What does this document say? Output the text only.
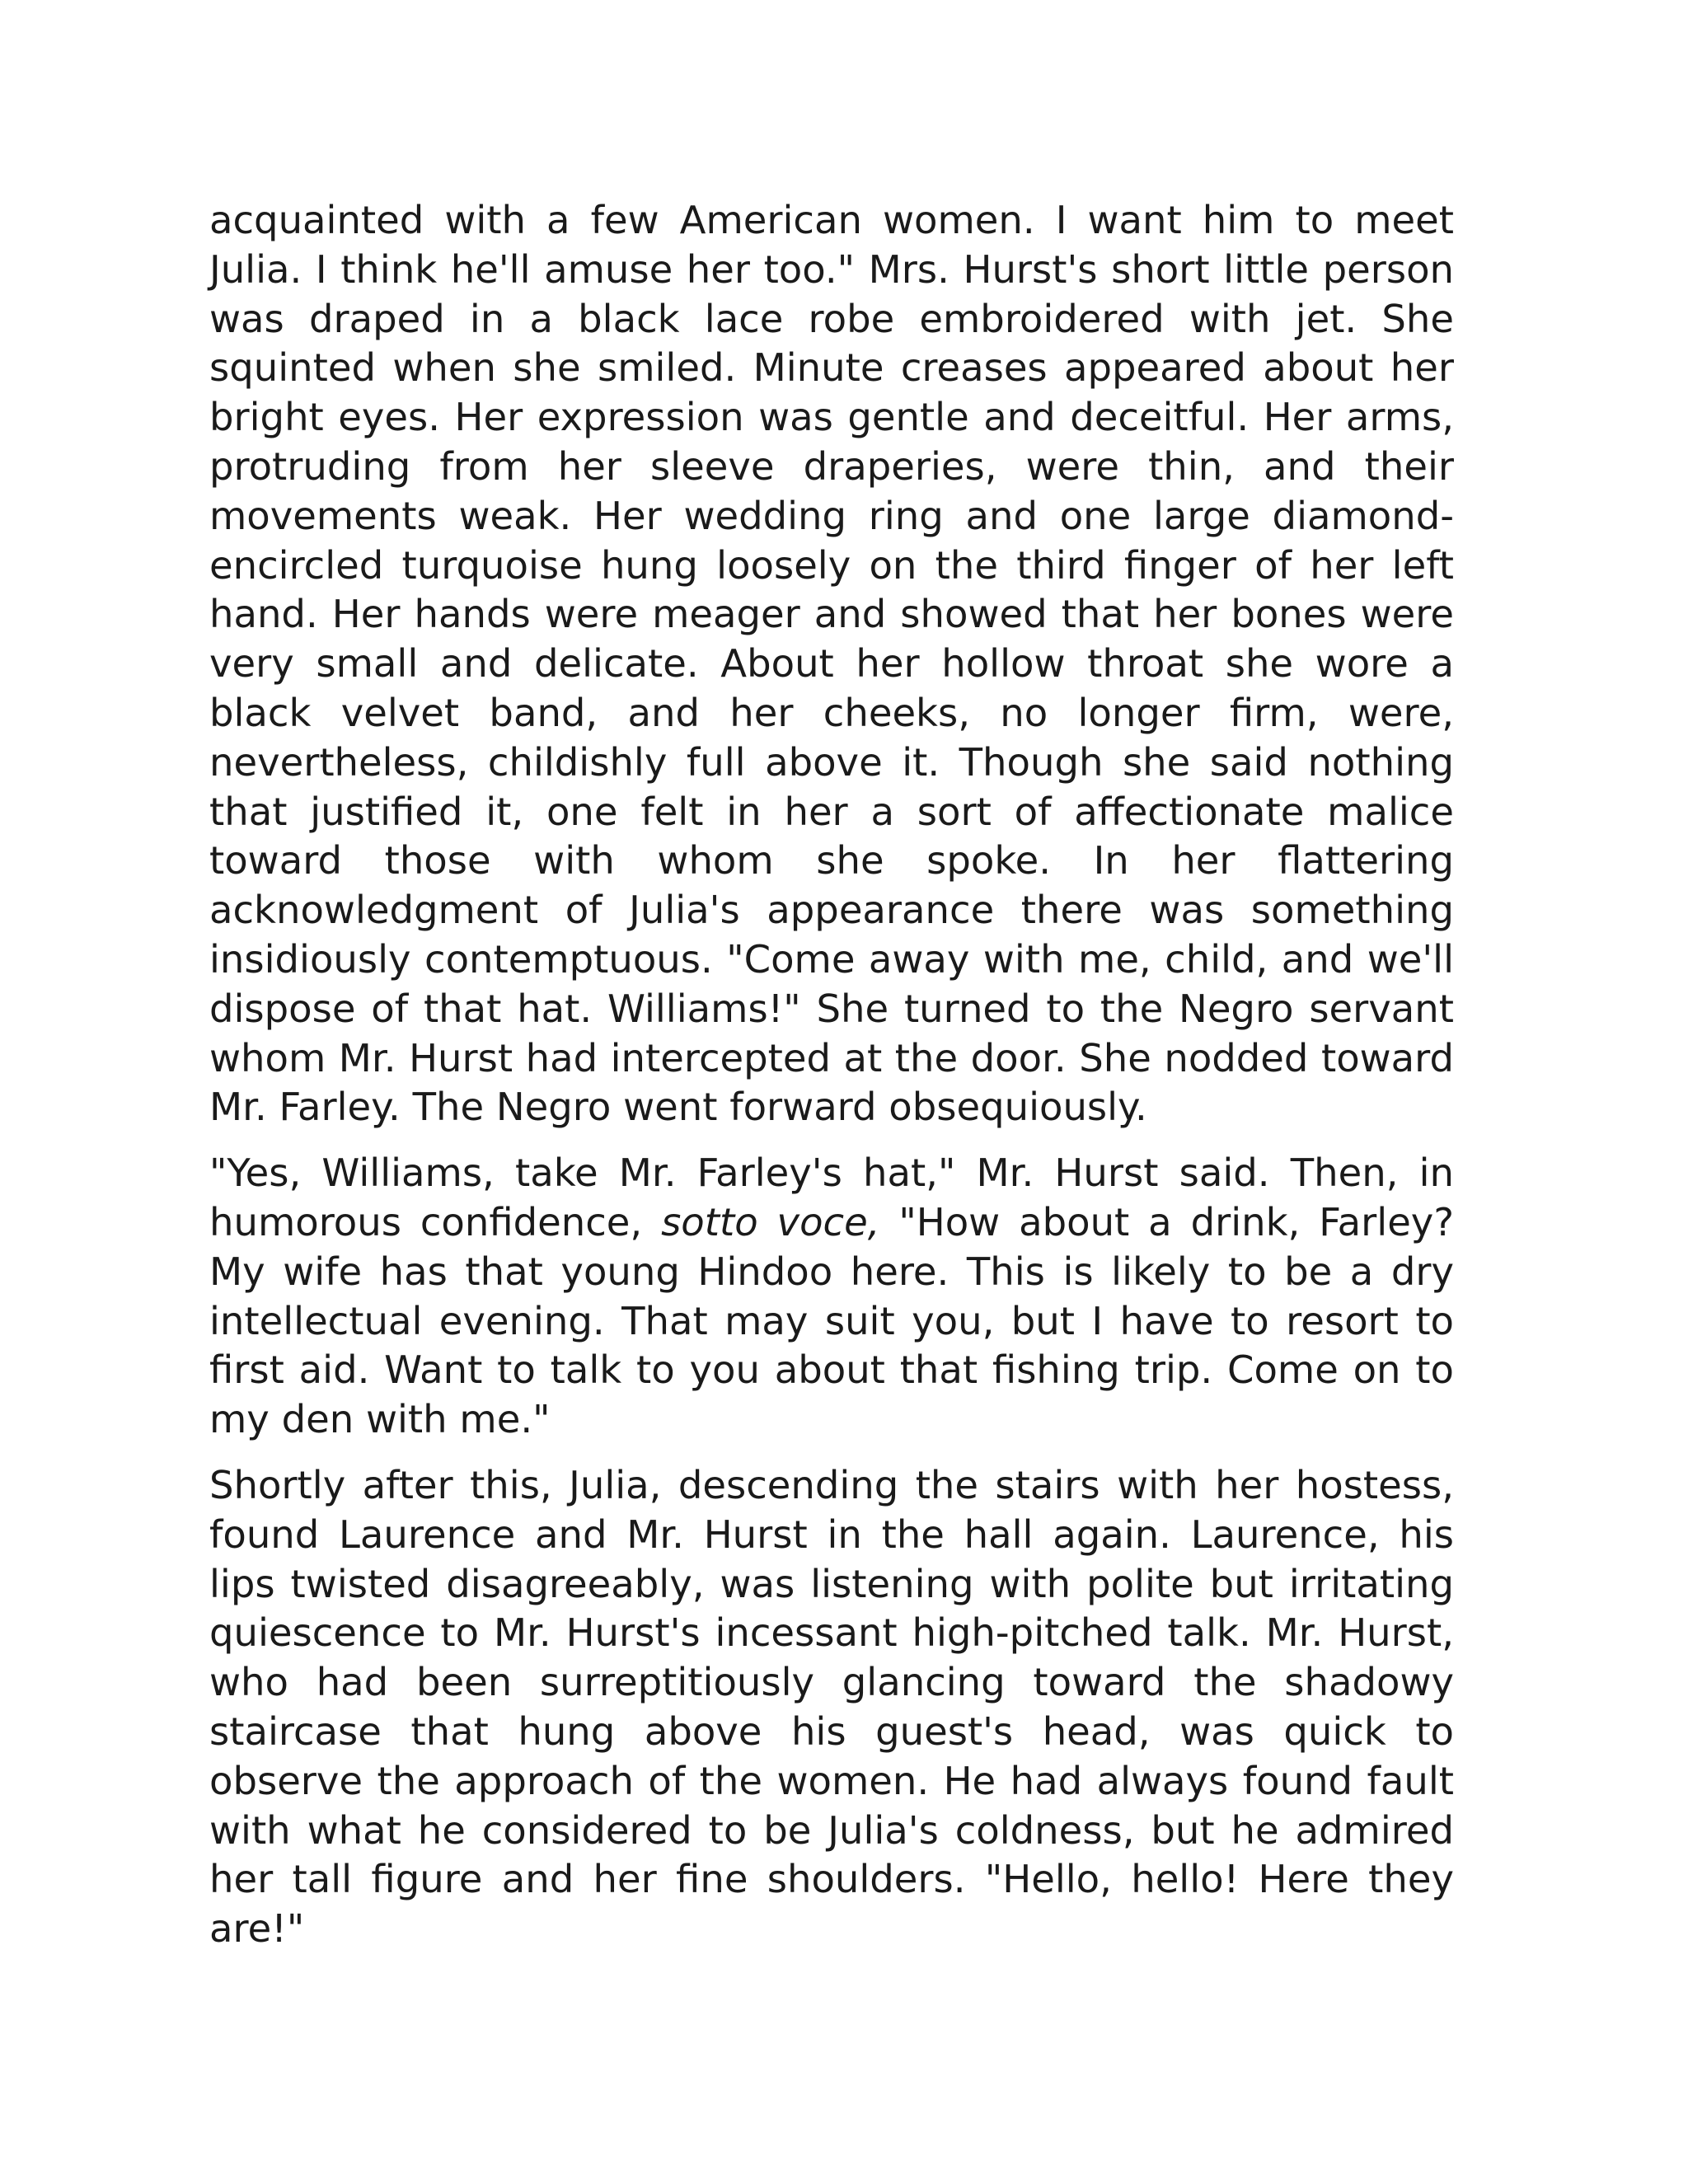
acquainted with a few American women. I want him to meet Julia. I think he'll amuse her too." Mrs. Hurst's short little person was draped in a black lace robe embroidered with jet. She squinted when she smiled. Minute creases appeared about her bright eyes. Her expression was gentle and deceitful. Her arms, protruding from her sleeve draperies, were thin, and their movements weak. Her wedding ring and one large diamond-encircled turquoise hung loosely on the third finger of her left hand. Her hands were meager and showed that her bones were very small and delicate. About her hollow throat she wore a black velvet band, and her cheeks, no longer firm, were, nevertheless, childishly full above it. Though she said nothing that justified it, one felt in her a sort of affectionate malice toward those with whom she spoke. In her flattering acknowledgment of Julia's appearance there was something insidiously contemptuous. "Come away with me, child, and we'll dispose of that hat. Williams!" She turned to the Negro servant whom Mr. Hurst had intercepted at the door. She nodded toward Mr. Farley. The Negro went forward obsequiously.

"Yes, Williams, take Mr. Farley's hat," Mr. Hurst said. Then, in humorous confidence, sotto voce, "How about a drink, Farley? My wife has that young Hindoo here. This is likely to be a dry intellectual evening. That may suit you, but I have to resort to first aid. Want to talk to you about that fishing trip. Come on to my den with me."

Shortly after this, Julia, descending the stairs with her hostess, found Laurence and Mr. Hurst in the hall again. Laurence, his lips twisted disagreeably, was listening with polite but irritating quiescence to Mr. Hurst's incessant high-pitched talk. Mr. Hurst, who had been surreptitiously glancing toward the shadowy staircase that hung above his guest's head, was quick to observe the approach of the women. He had always found fault with what he considered to be Julia's coldness, but he admired her tall figure and her fine shoulders. "Hello, hello! Here they are!"
